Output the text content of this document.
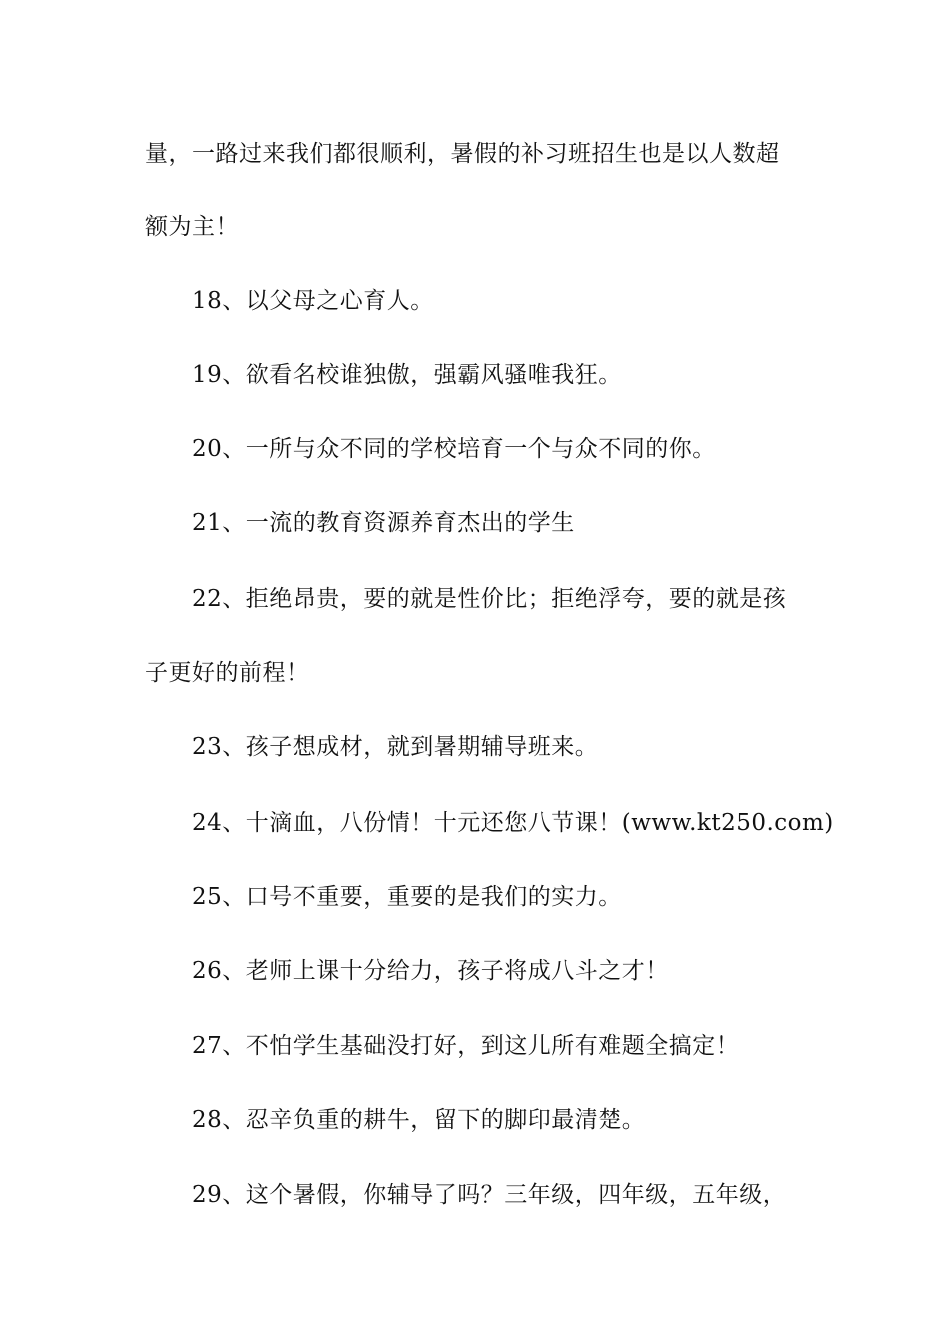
量，一路过来我们都很顺利，暑假的补习班招生也是以人数超
额为主！
18、以父母之心育人。
19、欲看名校谁独傲，强霸风骚唯我狂。
20、一所与众不同的学校培育一个与众不同的你。
21、一流的教育资源养育杰出的学生
22、拒绝昂贵，要的就是性价比；拒绝浮夸，要的就是孩
子更好的前程！
23、孩子想成材，就到暑期辅导班来。
24、十滴血，八份情！十元还您八节课！(www.kt250.com)
25、口号不重要，重要的是我们的实力。
26、老师上课十分给力，孩子将成八斗之才！
27、不怕学生基础没打好，到这儿所有难题全搞定！
28、忍辛负重的耕牛，留下的脚印最清楚。
29、这个暑假，你辅导了吗？三年级，四年级，五年级，
